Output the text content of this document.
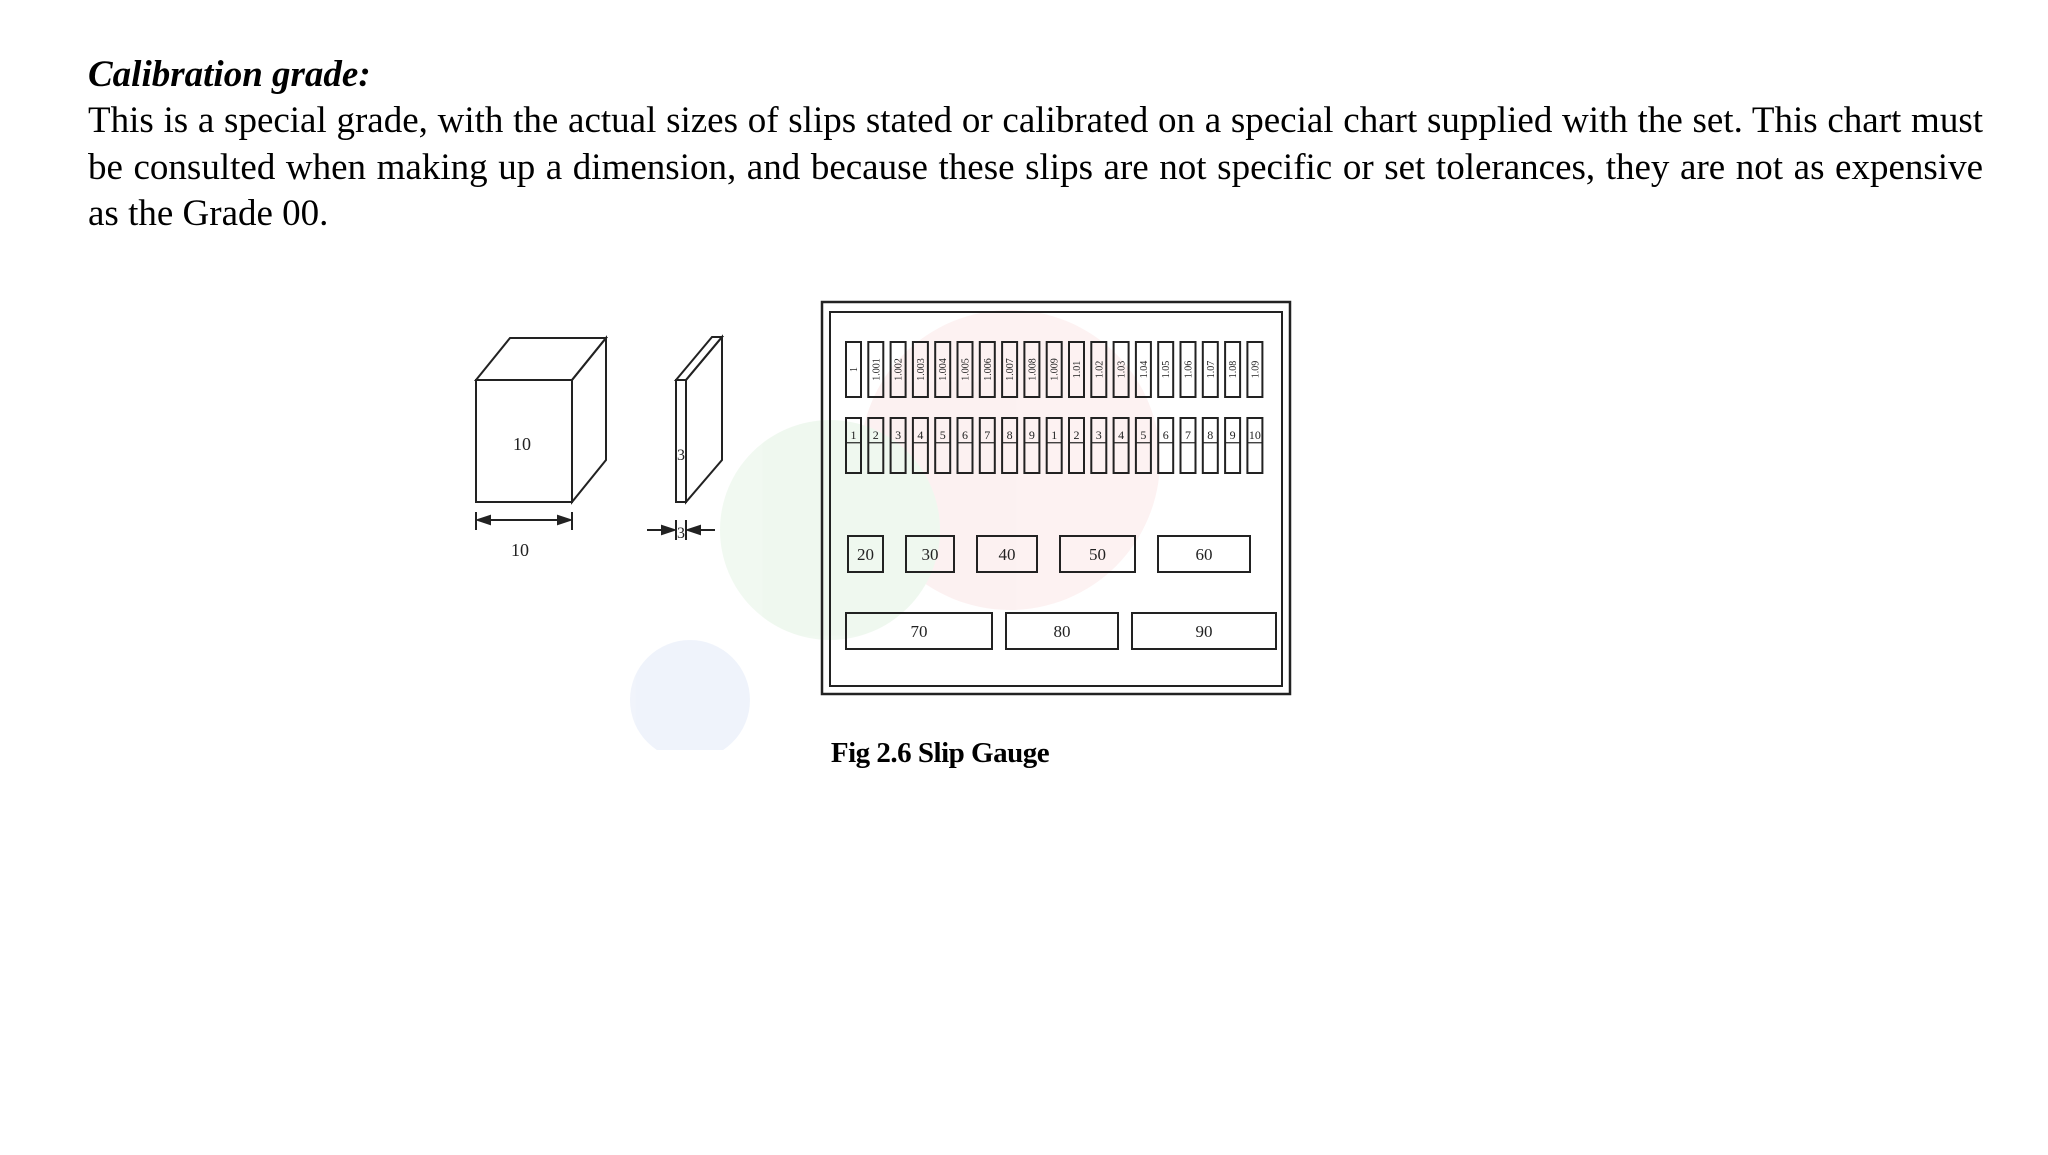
Calibration grade:

This is a special grade, with the actual sizes of slips stated or calibrated on a special chart supplied with the set. This chart must be consulted when making up a dimension, and because these slips are not specific or set tolerances, they are not as expensive as the Grade 00.

10
10
3
3
1 1.001 1.002 1.003 1.004 1.005 1.006 1.007 1.008 1.009 1.01 1.02 1.03 1.04 1.05 1.06 1.07 1.08 1.09
1 2 3 4 5 6 7 8 9 1 2 3 4 5 6 7 8 9 10
20	30	40	50	60
70	80	90
Fig 2.6 Slip Gauge
